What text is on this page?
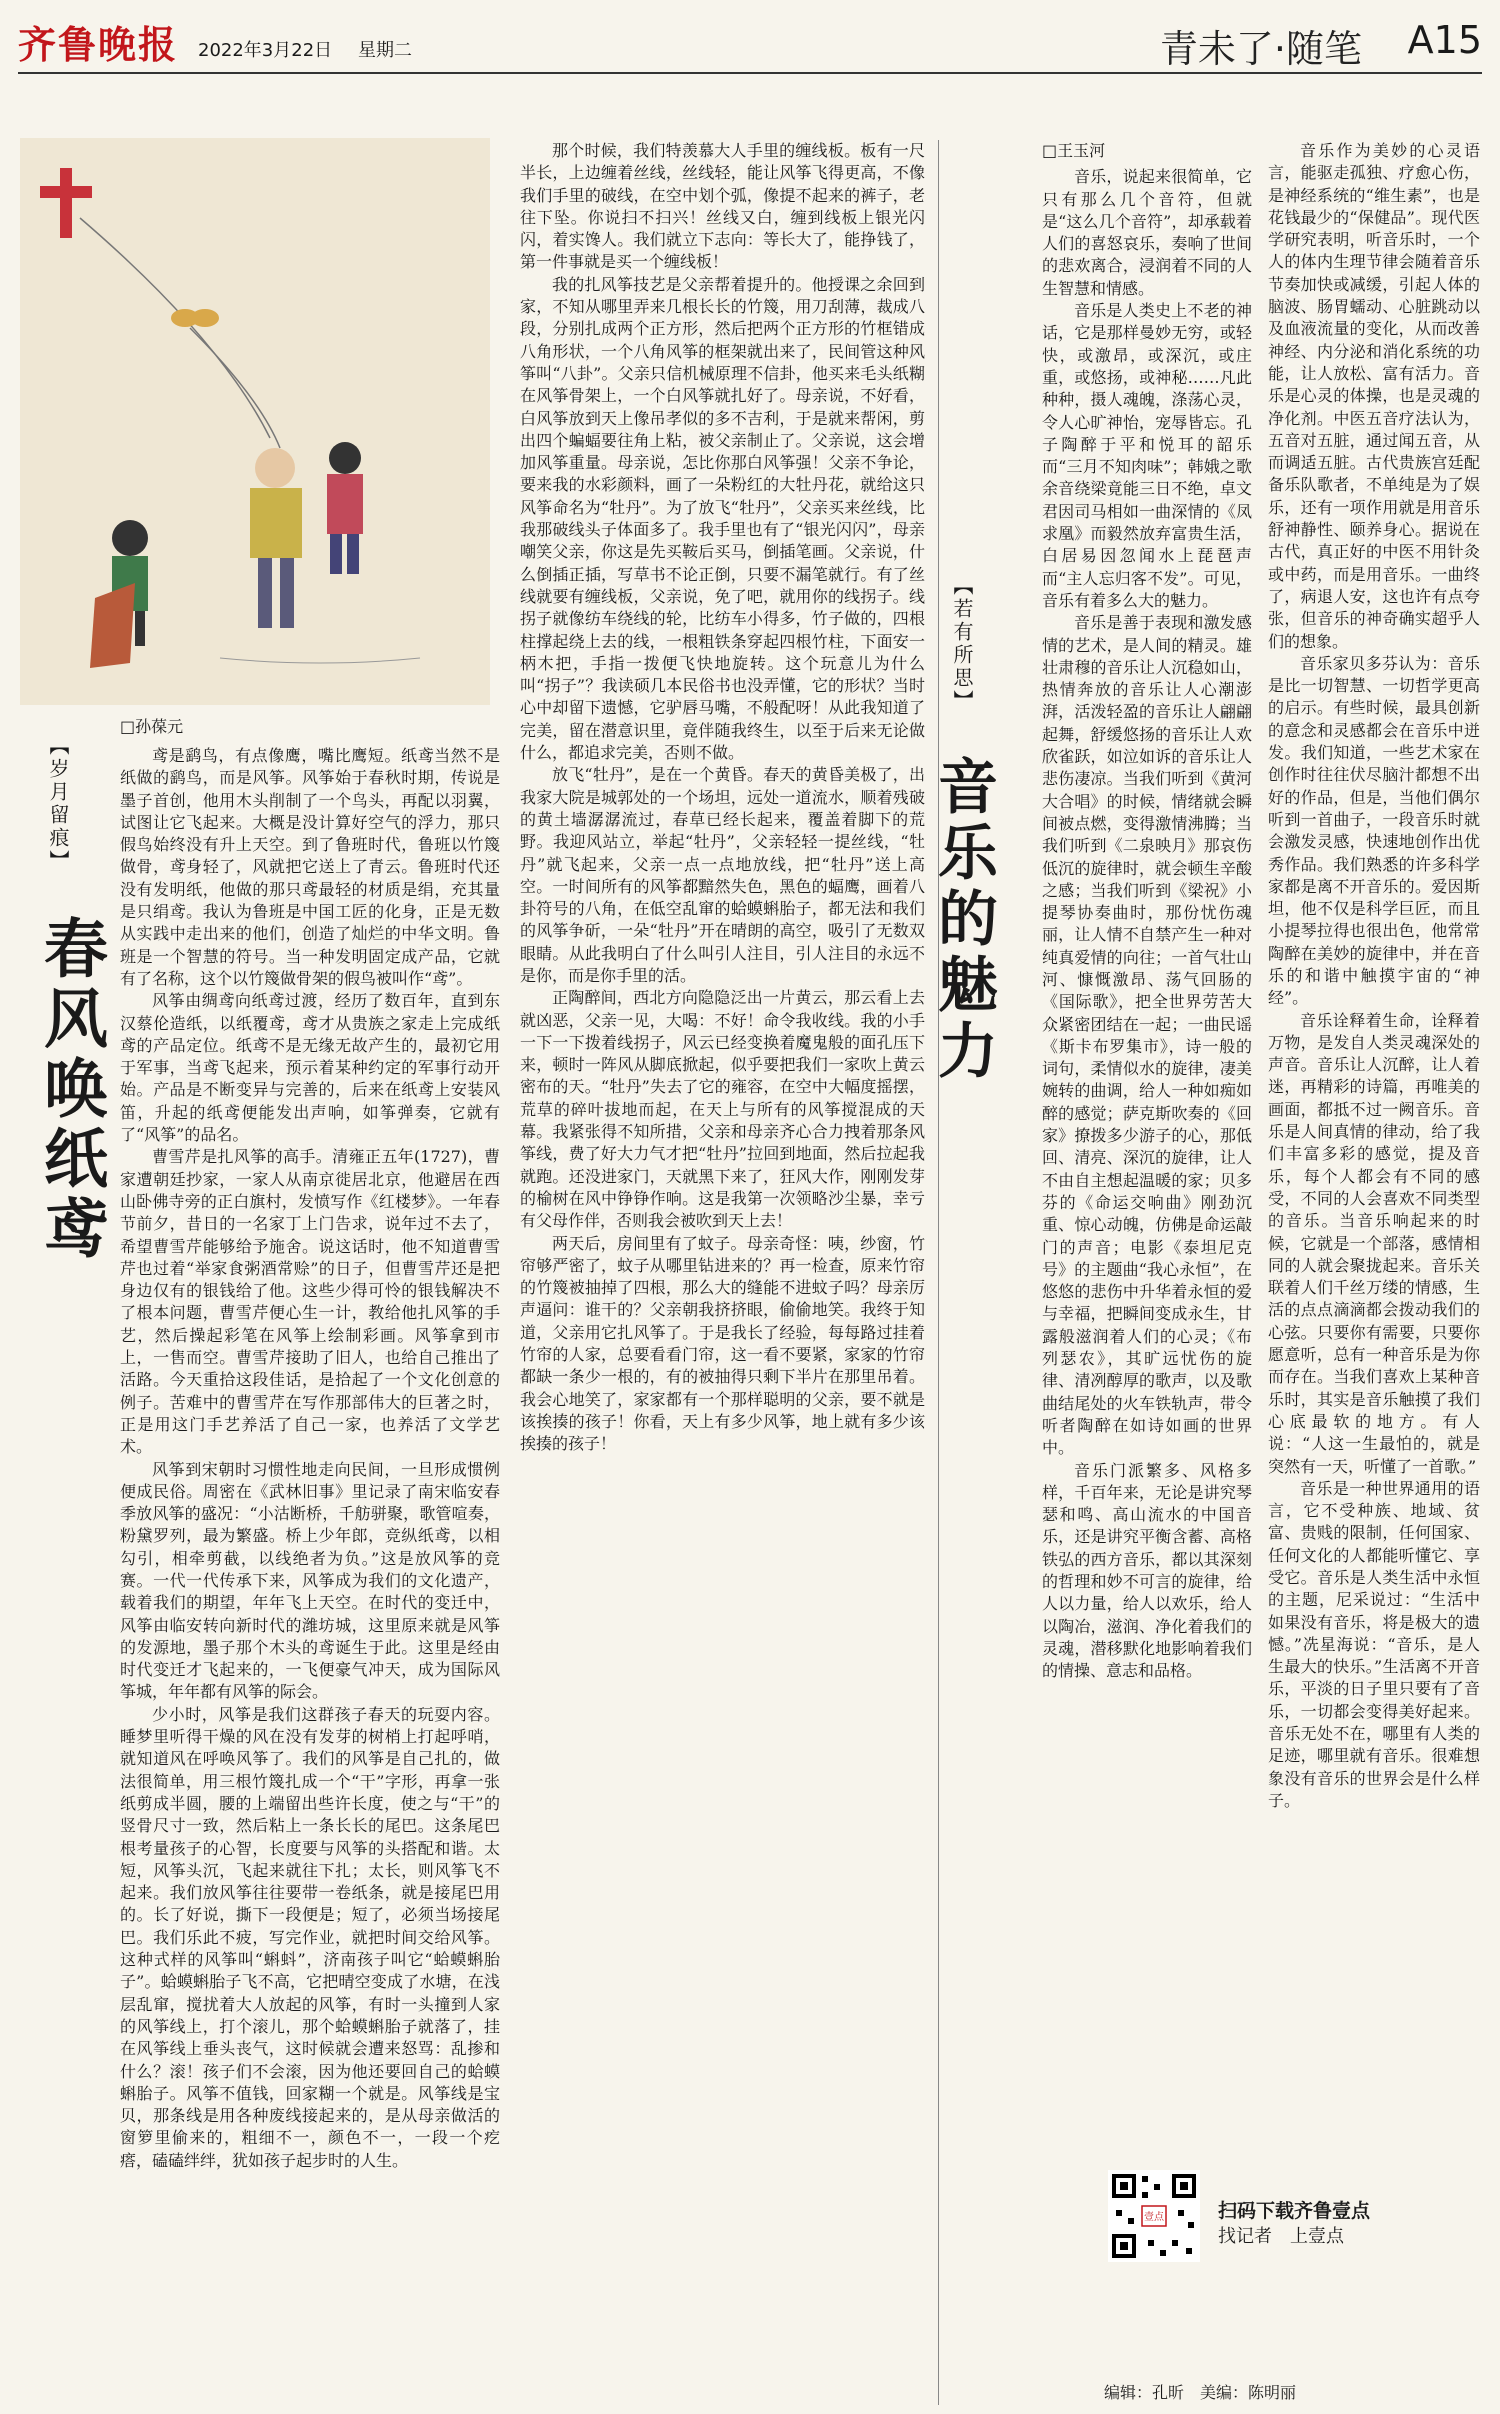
齐鲁晚报 2022年3月22日 星期二	青未了·随笔 A15
【岁月留痕】
春风唤纸鸢
□孙葆元

鸢是鹞鸟，有点像鹰，嘴比鹰短。纸鸢当然不是纸做的鹞鸟，而是风筝。风筝始于春秋时期，传说是墨子首创，他用木头削制了一个鸟头，再配以羽翼，试图让它飞起来。大概是没计算好空气的浮力，那只假鸟始终没有升上天空。到了鲁班时代，鲁班以竹篾做骨，鸢身轻了，风就把它送上了青云。鲁班时代还没有发明纸，他做的那只鸢最轻的材质是绢，充其量是只绢鸢。我认为鲁班是中国工匠的化身，正是无数从实践中走出来的他们，创造了灿烂的中华文明。鲁班是一个智慧的符号。当一种发明固定成产品，它就有了名称，这个以竹篾做骨架的假鸟被叫作“鸢”。

风筝由绸鸢向纸鸢过渡，经历了数百年，直到东汉蔡伦造纸，以纸覆鸢，鸢才从贵族之家走上完成纸鸢的产品定位。纸鸢不是无缘无故产生的，最初它用于军事，当鸢飞起来，预示着某种约定的军事行动开始。产品是不断变异与完善的，后来在纸鸢上安装风笛，升起的纸鸢便能发出声响，如筝弹奏，它就有了“风筝”的品名。

曹雪芹是扎风筝的高手。清雍正五年(1727)，曹家遭朝廷抄家，一家人从南京徙居北京，他避居在西山卧佛寺旁的正白旗村，发愤写作《红楼梦》。一年春节前夕，昔日的一名家丁上门告求，说年过不去了，希望曹雪芹能够给予施舍。说这话时，他不知道曹雪芹也过着“举家食粥酒常赊”的日子，但曹雪芹还是把身边仅有的银钱给了他。这些少得可怜的银钱解决不了根本问题，曹雪芹便心生一计，教给他扎风筝的手艺，然后操起彩笔在风筝上绘制彩画。风筝拿到市上，一售而空。曹雪芹接助了旧人，也给自己推出了活路。今天重拾这段佳话，是拾起了一个文化创意的例子。苦难中的曹雪芹在写作那部伟大的巨著之时，正是用这门手艺养活了自己一家，也养活了文学艺术。

风筝到宋朝时习惯性地走向民间，一旦形成惯例便成民俗。周密在《武林旧事》里记录了南宋临安春季放风筝的盛况：“小沽断桥，千舫骈聚，歌管喧奏，粉黛罗列，最为繁盛。桥上少年郎，竞纵纸鸢，以相勾引，相牵剪截，以线绝者为负。”这是放风筝的竞赛。一代一代传承下来，风筝成为我们的文化遗产，载着我们的期望，年年飞上天空。在时代的变迁中，风筝由临安转向新时代的潍坊城，这里原来就是风筝的发源地，墨子那个木头的鸢诞生于此。这里是经由时代变迁才飞起来的，一飞便豪气冲天，成为国际风筝城，年年都有风筝的际会。

少小时，风筝是我们这群孩子春天的玩耍内容。睡梦里听得干燥的风在没有发芽的树梢上打起呼哨，就知道风在呼唤风筝了。我们的风筝是自己扎的，做法很简单，用三根竹篾扎成一个“干”字形，再拿一张纸剪成半圆，腰的上端留出些许长度，使之与“干”的竖骨尺寸一致，然后粘上一条长长的尾巴。这条尾巴根考量孩子的心智，长度要与风筝的头搭配和谐。太短，风筝头沉，飞起来就往下扎；太长，则风筝飞不起来。我们放风筝往往要带一卷纸条，就是接尾巴用的。长了好说，撕下一段便是；短了，必须当场接尾巴。我们乐此不疲，写完作业，就把时间交给风筝。这种式样的风筝叫“蝌蚪”，济南孩子叫它“蛤蟆蝌胎子”。蛤蟆蝌胎子飞不高，它把晴空变成了水塘，在浅层乱窜，搅扰着大人放起的风筝，有时一头撞到人家的风筝线上，打个滚儿，那个蛤蟆蝌胎子就落了，挂在风筝线上垂头丧气，这时候就会遭来怒骂：乱掺和什么？滚！孩子们不会滚，因为他还要回自己的蛤蟆蝌胎子。风筝不值钱，回家糊一个就是。风筝线是宝贝，那条线是用各种废线接起来的，是从母亲做活的窗箩里偷来的，粗细不一，颜色不一，一段一个疙瘩，磕磕绊绊，犹如孩子起步时的人生。

那个时候，我们特羡慕大人手里的缠线板。板有一尺半长，上边缠着丝线，丝线轻，能让风筝飞得更高，不像我们手里的破线，在空中划个弧，像提不起来的裤子，老往下坠。你说扫不扫兴！丝线又白，缠到线板上银光闪闪，着实馋人。我们就立下志向：等长大了，能挣钱了，第一件事就是买一个缠线板！

我的扎风筝技艺是父亲帮着提升的。他授课之余回到家，不知从哪里弄来几根长长的竹篾，用刀刮薄，裁成八段，分别扎成两个正方形，然后把两个正方形的竹框错成八角形状，一个八角风筝的框架就出来了，民间管这种风筝叫“八卦”。父亲只信机械原理不信卦，他买来毛头纸糊在风筝骨架上，一个白风筝就扎好了。母亲说，不好看，白风筝放到天上像吊孝似的多不吉利，于是就来帮闲，剪出四个蝙蝠要往角上粘，被父亲制止了。父亲说，这会增加风筝重量。母亲说，怎比你那白风筝强！父亲不争论，要来我的水彩颜料，画了一朵粉红的大牡丹花，就给这只风筝命名为“牡丹”。为了放飞“牡丹”，父亲买来丝线，比我那破线头子体面多了。我手里也有了“银光闪闪”，母亲嘲笑父亲，你这是先买鞍后买马，倒插笔画。父亲说，什么倒插正插，写草书不论正倒，只要不漏笔就行。有了丝线就要有缠线板，父亲说，免了吧，就用你的线拐子。线拐子就像纺车绕线的轮，比纺车小得多，竹子做的，四根柱撑起绕上去的线，一根粗铁条穿起四根竹柱，下面安一柄木把，手指一拨便飞快地旋转。这个玩意儿为什么叫“拐子”？我读硕几本民俗书也没弄懂，它的形状？当时心中却留下遗憾，它驴唇马嘴，不般配呀！从此我知道了完美，留在潜意识里，竟伴随我终生，以至于后来无论做什么，都追求完美，否则不做。

放飞“牡丹”，是在一个黄昏。春天的黄昏美极了，出我家大院是城郭处的一个场坦，远处一道流水，顺着残破的黄土墙潺潺流过，春草已经长起来，覆盖着脚下的荒野。我迎风站立，举起“牡丹”，父亲轻轻一提丝线，“牡丹”就飞起来，父亲一点一点地放线，把“牡丹”送上高空。一时间所有的风筝都黯然失色，黑色的蝠鹰，画着八卦符号的八角，在低空乱窜的蛤蟆蝌胎子，都无法和我们的风筝争斫，一朵“牡丹”开在晴朗的高空，吸引了无数双眼睛。从此我明白了什么叫引人注目，引人注目的永远不是你，而是你手里的活。

正陶醉间，西北方向隐隐泛出一片黄云，那云看上去就凶恶，父亲一见，大喝：不好！命令我收线。我的小手一下一下拨着线拐子，风云已经变换着魔鬼般的面孔压下来，顿时一阵风从脚底掀起，似乎要把我们一家吹上黄云密布的天。“牡丹”失去了它的雍容，在空中大幅度摇摆，荒草的碎叶拔地而起，在天上与所有的风筝搅混成的天幕。我紧张得不知所措，父亲和母亲齐心合力拽着那条风筝线，费了好大力气才把“牡丹”拉回到地面，然后拉起我就跑。还没进家门，天就黑下来了，狂风大作，刚刚发芽的榆树在风中铮铮作响。这是我第一次领略沙尘暴，幸亏有父母作伴，否则我会被吹到天上去！

两天后，房间里有了蚊子。母亲奇怪：咦，纱窗，竹帘够严密了，蚊子从哪里钻进来的？再一检查，原来竹帘的竹篾被抽掉了四根，那么大的缝能不进蚊子吗？母亲厉声逼问：谁干的？父亲朝我挤挤眼，偷偷地笑。我终于知道，父亲用它扎风筝了。于是我长了经验，每每路过挂着竹帘的人家，总要看看门帘，这一看不要紧，家家的竹帘都缺一条少一根的，有的被抽得只剩下半片在那里吊着。我会心地笑了，家家都有一个那样聪明的父亲，要不就是该挨揍的孩子！你看，天上有多少风筝，地上就有多少该挨揍的孩子！

【若有所思】
音乐的魅力
□王玉河

音乐，说起来很简单，它只有那么几个音符，但就是“这么几个音符”，却承载着人们的喜怒哀乐，奏响了世间的悲欢离合，浸润着不同的人生智慧和情感。

音乐是人类史上不老的神话，它是那样曼妙无穷，或轻快，或激昂，或深沉，或庄重，或悠扬，或神秘……凡此种种，摄人魂魄，涤荡心灵，令人心旷神怡，宠辱皆忘。孔子陶醉于平和悦耳的韶乐而“三月不知肉味”；韩娥之歌余音绕梁竟能三日不绝，卓文君因司马相如一曲深情的《凤求凰》而毅然放弃富贵生活，白居易因忽闻水上琵琶声而“主人忘归客不发”。可见，音乐有着多么大的魅力。

音乐是善于表现和激发感情的艺术，是人间的精灵。雄壮肃穆的音乐让人沉稳如山，热情奔放的音乐让人心潮澎湃，活泼轻盈的音乐让人翩翩起舞，舒缓悠扬的音乐让人欢欣雀跃，如泣如诉的音乐让人悲伤凄凉。当我们听到《黄河大合唱》的时候，情绪就会瞬间被点燃，变得激情沸腾；当我们听到《二泉映月》那哀伤低沉的旋律时，就会顿生辛酸之感；当我们听到《梁祝》小提琴协奏曲时，那份忧伤魂丽，让人情不自禁产生一种对纯真爱情的向往；一首气壮山河、慷慨激昂、荡气回肠的《国际歌》，把全世界劳苦大众紧密团结在一起；一曲民谣《斯卡布罗集市》，诗一般的词句，柔情似水的旋律，凄美婉转的曲调，给人一种如痴如醉的感觉；萨克斯吹奏的《回家》撩拨多少游子的心，那低回、清亮、深沉的旋律，让人不由自主想起温暖的家；贝多芬的《命运交响曲》刚劲沉重、惊心动魄，仿佛是命运敲门的声音；电影《泰坦尼克号》的主题曲“我心永恒”，在悠悠的悲伤中升华着永恒的爱与幸福，把瞬间变成永生，甘露般滋润着人们的心灵；《布列瑟农》，其旷远忧伤的旋律、清冽醇厚的歌声，以及歌曲结尾处的火车铁轨声，带令听者陶醉在如诗如画的世界中。

音乐门派繁多、风格多样，千百年来，无论是讲究琴瑟和鸣、高山流水的中国音乐，还是讲究平衡含蓄、高格铁弘的西方音乐，都以其深刻的哲理和妙不可言的旋律，给人以力量，给人以欢乐，给人以陶冶，滋润、净化着我们的灵魂，潜移默化地影响着我们的情操、意志和品格。

音乐作为美妙的心灵语言，能驱走孤独、疗愈心伤，是神经系统的“维生素”，也是花钱最少的“保健品”。现代医学研究表明，听音乐时，一个人的体内生理节律会随着音乐节奏加快或减缓，引起人体的脑波、肠胃蠕动、心脏跳动以及血液流量的变化，从而改善神经、内分泌和消化系统的功能，让人放松、富有活力。音乐是心灵的体操，也是灵魂的净化剂。中医五音疗法认为，五音对五脏，通过闻五音，从而调适五脏。古代贵族宫廷配备乐队歌者，不单纯是为了娱乐，还有一项作用就是用音乐舒神静性、颐养身心。据说在古代，真正好的中医不用针灸或中药，而是用音乐。一曲终了，病退人安，这也许有点夸张，但音乐的神奇确实超乎人们的想象。

音乐家贝多芬认为：音乐是比一切智慧、一切哲学更高的启示。有些时候，最具创新的意念和灵感都会在音乐中迸发。我们知道，一些艺术家在创作时往往伏尽脑汁都想不出好的作品，但是，当他们偶尔听到一首曲子，一段音乐时就会激发灵感，快速地创作出优秀作品。我们熟悉的许多科学家都是离不开音乐的。爱因斯坦，他不仅是科学巨匠，而且小提琴拉得也很出色，他常常陶醉在美妙的旋律中，并在音乐的和谐中触摸宇宙的“神经”。

音乐诠释着生命，诠释着万物，是发自人类灵魂深处的声音。音乐让人沉醉，让人着迷，再精彩的诗篇，再唯美的画面，都抵不过一阙音乐。音乐是人间真情的律动，给了我们丰富多彩的感觉，提及音乐，每个人都会有不同的感受，不同的人会喜欢不同类型的音乐。当音乐响起来的时候，它就是一个部落，感情相同的人就会聚拢起来。音乐关联着人们千丝万缕的情感，生活的点点滴滴都会拨动我们的心弦。只要你有需要，只要你愿意听，总有一种音乐是为你而存在。当我们喜欢上某种音乐时，其实是音乐触摸了我们心底最软的地方。有人说：“人这一生最怕的，就是突然有一天，听懂了一首歌。”

音乐是一种世界通用的语言，它不受种族、地域、贫富、贵贱的限制，任何国家、任何文化的人都能听懂它、享受它。音乐是人类生活中永恒的主题，尼采说过：“生活中如果没有音乐，将是极大的遗憾。”冼星海说：“音乐，是人生最大的快乐。”生活离不开音乐，平淡的日子里只要有了音乐，一切都会变得美好起来。音乐无处不在，哪里有人类的足迹，哪里就有音乐。很难想象没有音乐的世界会是什么样子。

壹点	扫码下载齐鲁壹点
找记者　上壹点
编辑：孔昕　美编：陈明丽
